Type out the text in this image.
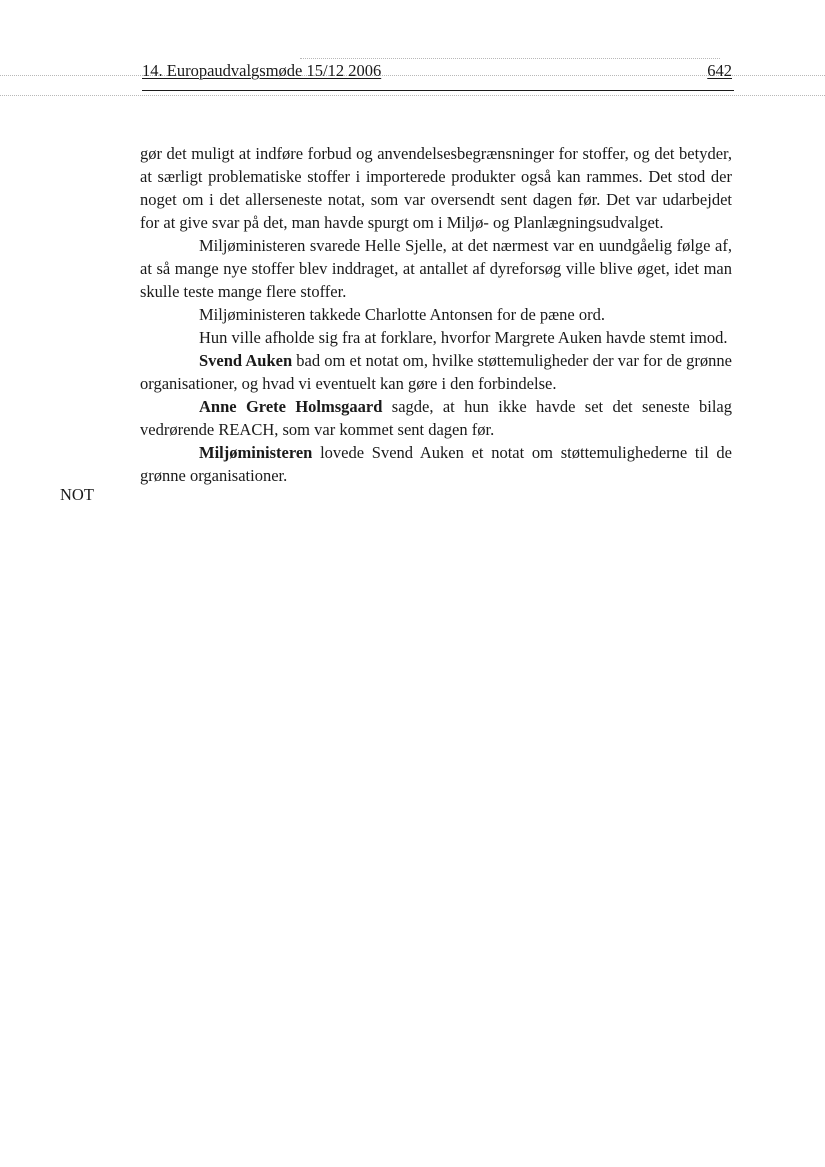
14. Europaudvalgsmøde 15/12 2006	642
NOT

gør det muligt at indføre forbud og anvendelsesbegrænsninger for stoffer, og det betyder, at særligt problematiske stoffer i importerede produkter også kan rammes. Det stod der noget om i det allerseneste notat, som var oversendt sent dagen før. Det var udarbejdet for at give svar på det, man havde spurgt om i Miljø- og Planlægningsudvalget.

Miljøministeren svarede Helle Sjelle, at det nærmest var en uundgåelig følge af, at så mange nye stoffer blev inddraget, at antallet af dyreforsøg ville blive øget, idet man skulle teste mange flere stoffer.

Miljøministeren takkede Charlotte Antonsen for de pæne ord.

Hun ville afholde sig fra at forklare, hvorfor Margrete Auken havde stemt imod.

Svend Auken bad om et notat om, hvilke støttemuligheder der var for de grønne organisationer, og hvad vi eventuelt kan gøre i den forbindelse.

Anne Grete Holmsgaard sagde, at hun ikke havde set det seneste bilag vedrørende REACH, som var kommet sent dagen før.

Miljøministeren lovede Svend Auken et notat om støttemulighederne til de grønne organisationer.
